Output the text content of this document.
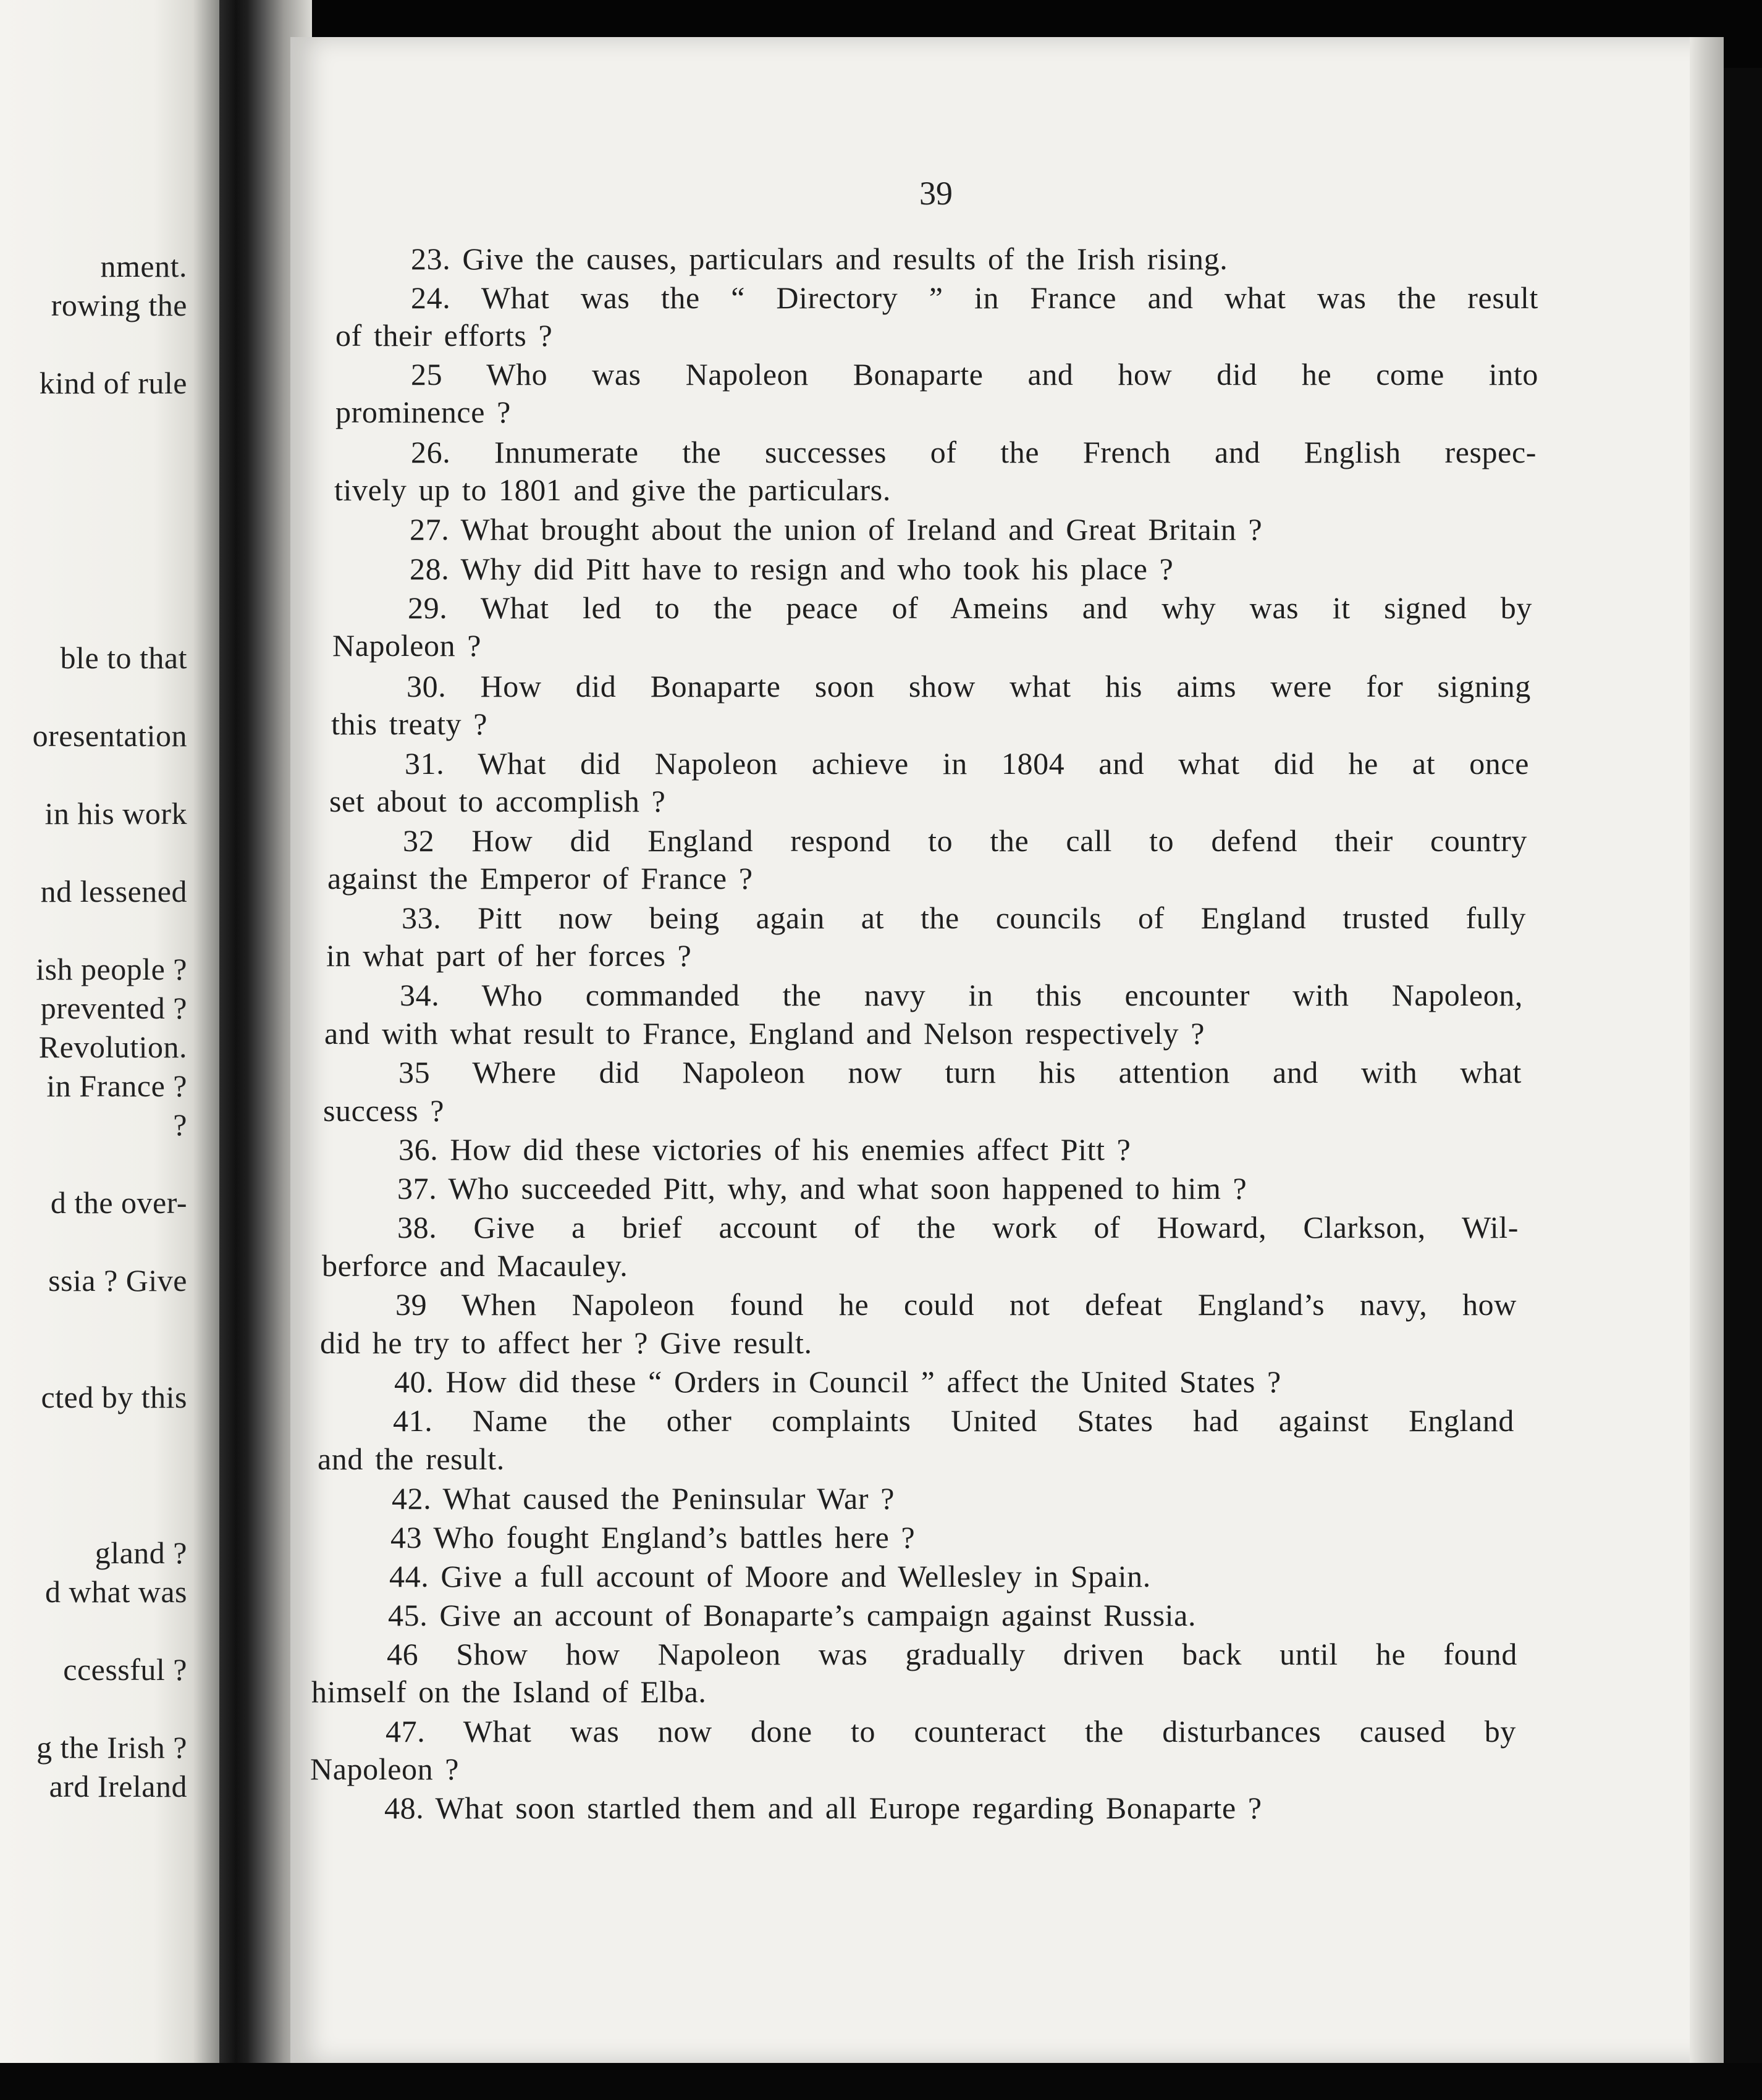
nment.
rowing the
kind of rule
ble to that
oresentation
in his work
nd lessened
ish people ?
prevented ?
Revolution.
in France ?
?
d the over-
ssia ? Give
cted by this
gland ?
d what was
ccessful ?
g the Irish ?
ard Ireland
39
23. Give the causes, particulars and results of the Irish rising.
24. What was the “ Directory ” in France and what was the result
of their efforts ?
25 Who was Napoleon Bonaparte and how did he come into
prominence ?
26. Innumerate the successes of the French and English respec-
tively up to 1801 and give the particulars.
27. What brought about the union of Ireland and Great Britain ?
28. Why did Pitt have to resign and who took his place ?
29. What led to the peace of Ameins and why was it signed by
Napoleon ?
30. How did Bonaparte soon show what his aims were for signing
this treaty ?
31. What did Napoleon achieve in 1804 and what did he at once
set about to accomplish ?
32 How did England respond to the call to defend their country
against the Emperor of France ?
33. Pitt now being again at the councils of England trusted fully
in what part of her forces ?
34. Who commanded the navy in this encounter with Napoleon,
and with what result to France, England and Nelson respectively ?
35 Where did Napoleon now turn his attention and with what
success ?
36. How did these victories of his enemies affect Pitt ?
37. Who succeeded Pitt, why, and what soon happened to him ?
38. Give a brief account of the work of Howard, Clarkson, Wil-
berforce and Macauley.
39 When Napoleon found he could not defeat England’s navy, how
did he try to affect her ? Give result.
40. How did these “ Orders in Council ” affect the United States ?
41. Name the other complaints United States had against England
and the result.
42. What caused the Peninsular War ?
43 Who fought England’s battles here ?
44. Give a full account of Moore and Wellesley in Spain.
45. Give an account of Bonaparte’s campaign against Russia.
46 Show how Napoleon was gradually driven back until he found
himself on the Island of Elba.
47. What was now done to counteract the disturbances caused by
Napoleon ?
48. What soon startled them and all Europe regarding Bonaparte ?
